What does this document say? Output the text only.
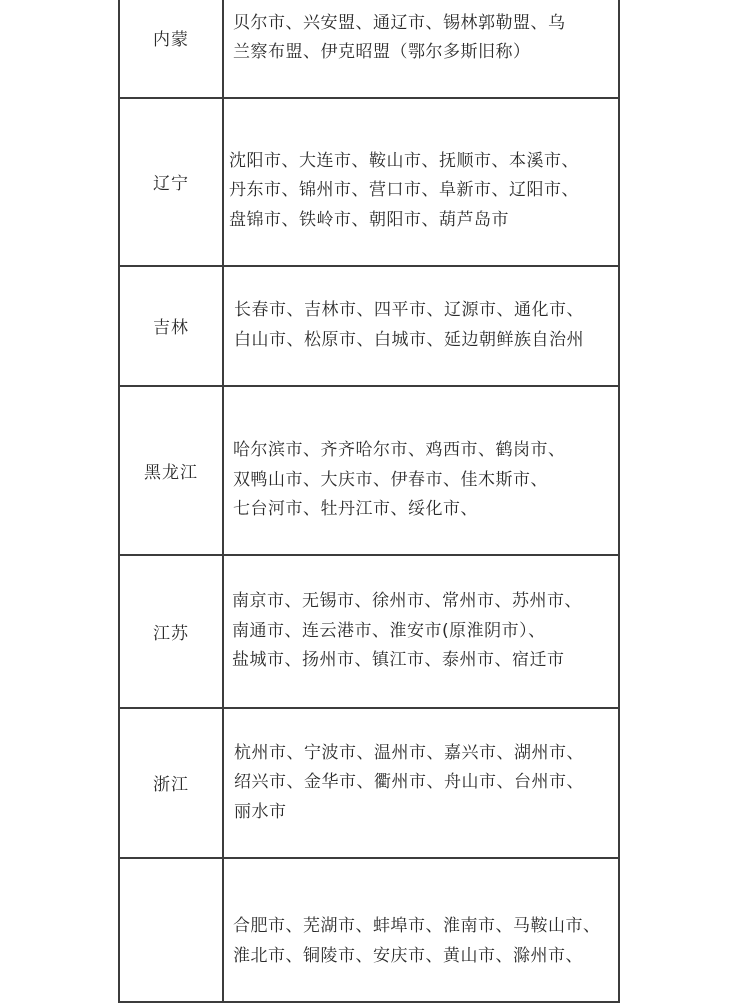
内蒙	贝尔市、兴安盟、通辽市、锡林郭勒盟、乌
兰察布盟、伊克昭盟（鄂尔多斯旧称）

辽宁	沈阳市、大连市、鞍山市、抚顺市、本溪市、
丹东市、锦州市、营口市、阜新市、辽阳市、
盘锦市、铁岭市、朝阳市、葫芦岛市

吉林	长春市、吉林市、四平市、辽源市、通化市、
白山市、松原市、白城市、延边朝鲜族自治州

黑龙江	哈尔滨市、齐齐哈尔市、鸡西市、鹤岗市、
双鸭山市、大庆市、伊春市、佳木斯市、
七台河市、牡丹江市、绥化市、

江苏	南京市、无锡市、徐州市、常州市、苏州市、
南通市、连云港市、淮安市(原淮阴市）、
盐城市、扬州市、镇江市、泰州市、宿迁市

浙江	杭州市、宁波市、温州市、嘉兴市、湖州市、
绍兴市、金华市、衢州市、舟山市、台州市、
丽水市

	合肥市、芜湖市、蚌埠市、淮南市、马鞍山市、
淮北市、铜陵市、安庆市、黄山市、滁州市、
